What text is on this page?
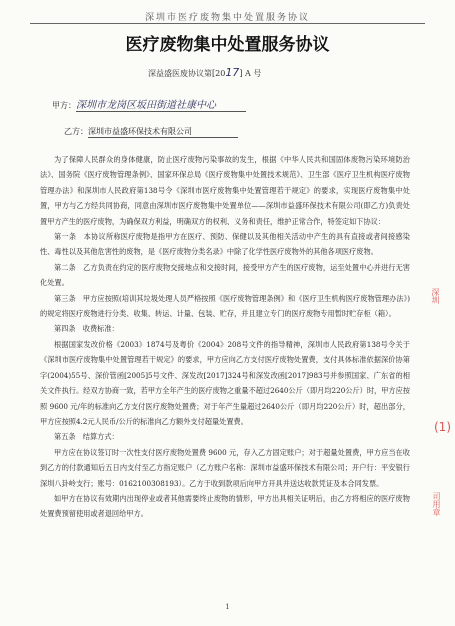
深圳市医疗废物集中处置服务协议
医疗废物集中处置服务协议
深益盛医废协议第[2017] A 号
甲方：深圳市龙岗区坂田街道社康中心
乙方：深圳市益盛环保技术有限公司

为了保障人民群众的身体健康，防止医疗废物污染事故的发生，根据《中华人民共和国固体废物污染环境防治法》、国务院《医疗废物管理条例》、国家环保总局《医疗废物集中处置技术规范》、卫生部《医疗卫生机构医疗废物管理办法》和深圳市人民政府第138号令《深圳市医疗废物集中处置管理若干规定》的要求，实现医疗废物集中处置，甲方与乙方经共同协商，同意由深圳市医疗废物集中处置单位——深圳市益盛环保技术有限公司(即乙方)负责处置甲方产生的医疗废物，为确保双方利益，明确双方的权利、义务和责任，维护正常合作，特签定如下协议：

第一条　本协议所称医疗废物是指甲方在医疗、预防、保健以及其他相关活动中产生的具有直接或者间接感染性、毒性以及其他危害性的废物，是《医疗废物分类名录》中除了化学性医疗废物外的其他各项医疗废物。

第二条　乙方负责在约定的医疗废物交接地点和交接时间，接受甲方产生的医疗废物，运至处置中心并进行无害化处置。

第三条　甲方应按照(培训其垃圾处理人员严格按照《医疗废物管理条例》和《医疗卫生机构医疗废物管理办法》)的规定将医疗废物进行分类、收集、转运、计量、包装、贮存，并且建立专门的医疗废物专用暂时贮存柜（箱）。

第四条　收费标准：

根据国家发改价格《2003》1874号及粤价《2004》208号文件的指导精神，深圳市人民政府第138号令关于《深圳市医疗废物集中处置管理若干规定》的要求，甲方应向乙方支付医疗废物处置费，支付具体标准依据深价协第字(2004)55号、深价管函[2005]5号文件、深发改[2017]324号和深发改函[2017]983号并参照国家、广东省的相关文件执行。经双方协商一致，若甲方全年产生的医疗废物之重量不超过2640公斤（即月均220公斤）时，甲方应按照 9600 元/年的标准向乙方支付医疗废物处置费；对于年产生量超过2640公斤（即月均220公斤）时，超出部分，甲方应按照4.2元人民币/公斤的标准向乙方额外支付超量处置费。

第五条　结算方式：

甲方应在协议签订时一次性支付医疗废物处置费 9600 元，存入乙方固定账户；对于超量处置费，甲方应当在收到乙方的付款通知后五日内支付至乙方指定账户（乙方账户名称：深圳市益盛环保技术有限公司；开户行：平安银行深圳八卦岭支行；账号：0162100308193）。乙方于收到款项后向甲方开具并送达收款凭证及本合同发票。

如甲方在协议有效期内出现停业或者其他需要终止废物的情形，甲方出具相关证明后，由乙方将相应的医疗废物处置费预留使用或者退回给甲方。

深圳
(1)
司用章
1
